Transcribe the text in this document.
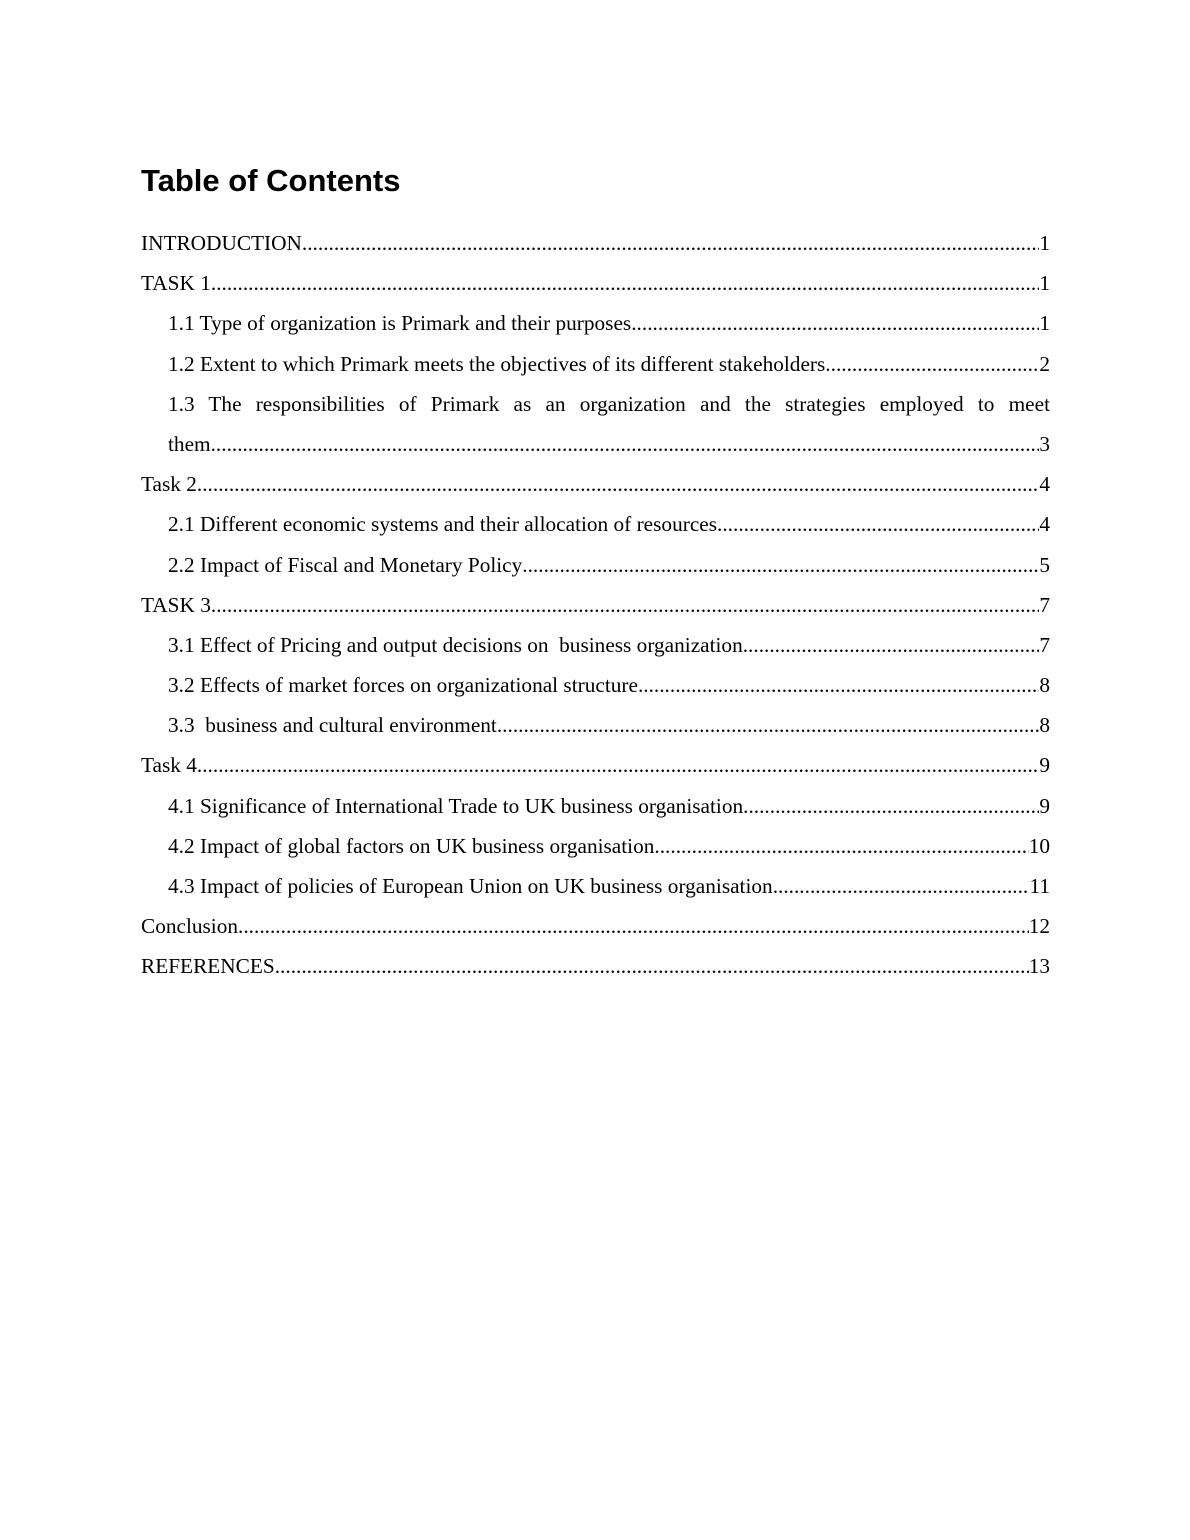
Table of Contents
INTRODUCTION .....	1
TASK 1 .....	1
1.1 Type of organization is Primark and their purposes .....	1
1.2 Extent to which Primark meets the objectives of its different stakeholders .....	2
1.3 The responsibilities of Primark as an organization and the strategies employed to meet
them .....	3
Task 2 .....	4
2.1 Different economic systems and their allocation of resources .....	4
2.2 Impact of Fiscal and Monetary Policy .....	5
TASK 3 .....	7
3.1 Effect of Pricing and output decisions on  business organization .....	7
3.2 Effects of market forces on organizational structure .....	8
3.3  business and cultural environment .....	8
Task 4 .....	9
4.1 Significance of International Trade to UK business organisation .....	9
4.2 Impact of global factors on UK business organisation .....	10
4.3 Impact of policies of European Union on UK business organisation .....	11
Conclusion .....	12
REFERENCES .....	13
